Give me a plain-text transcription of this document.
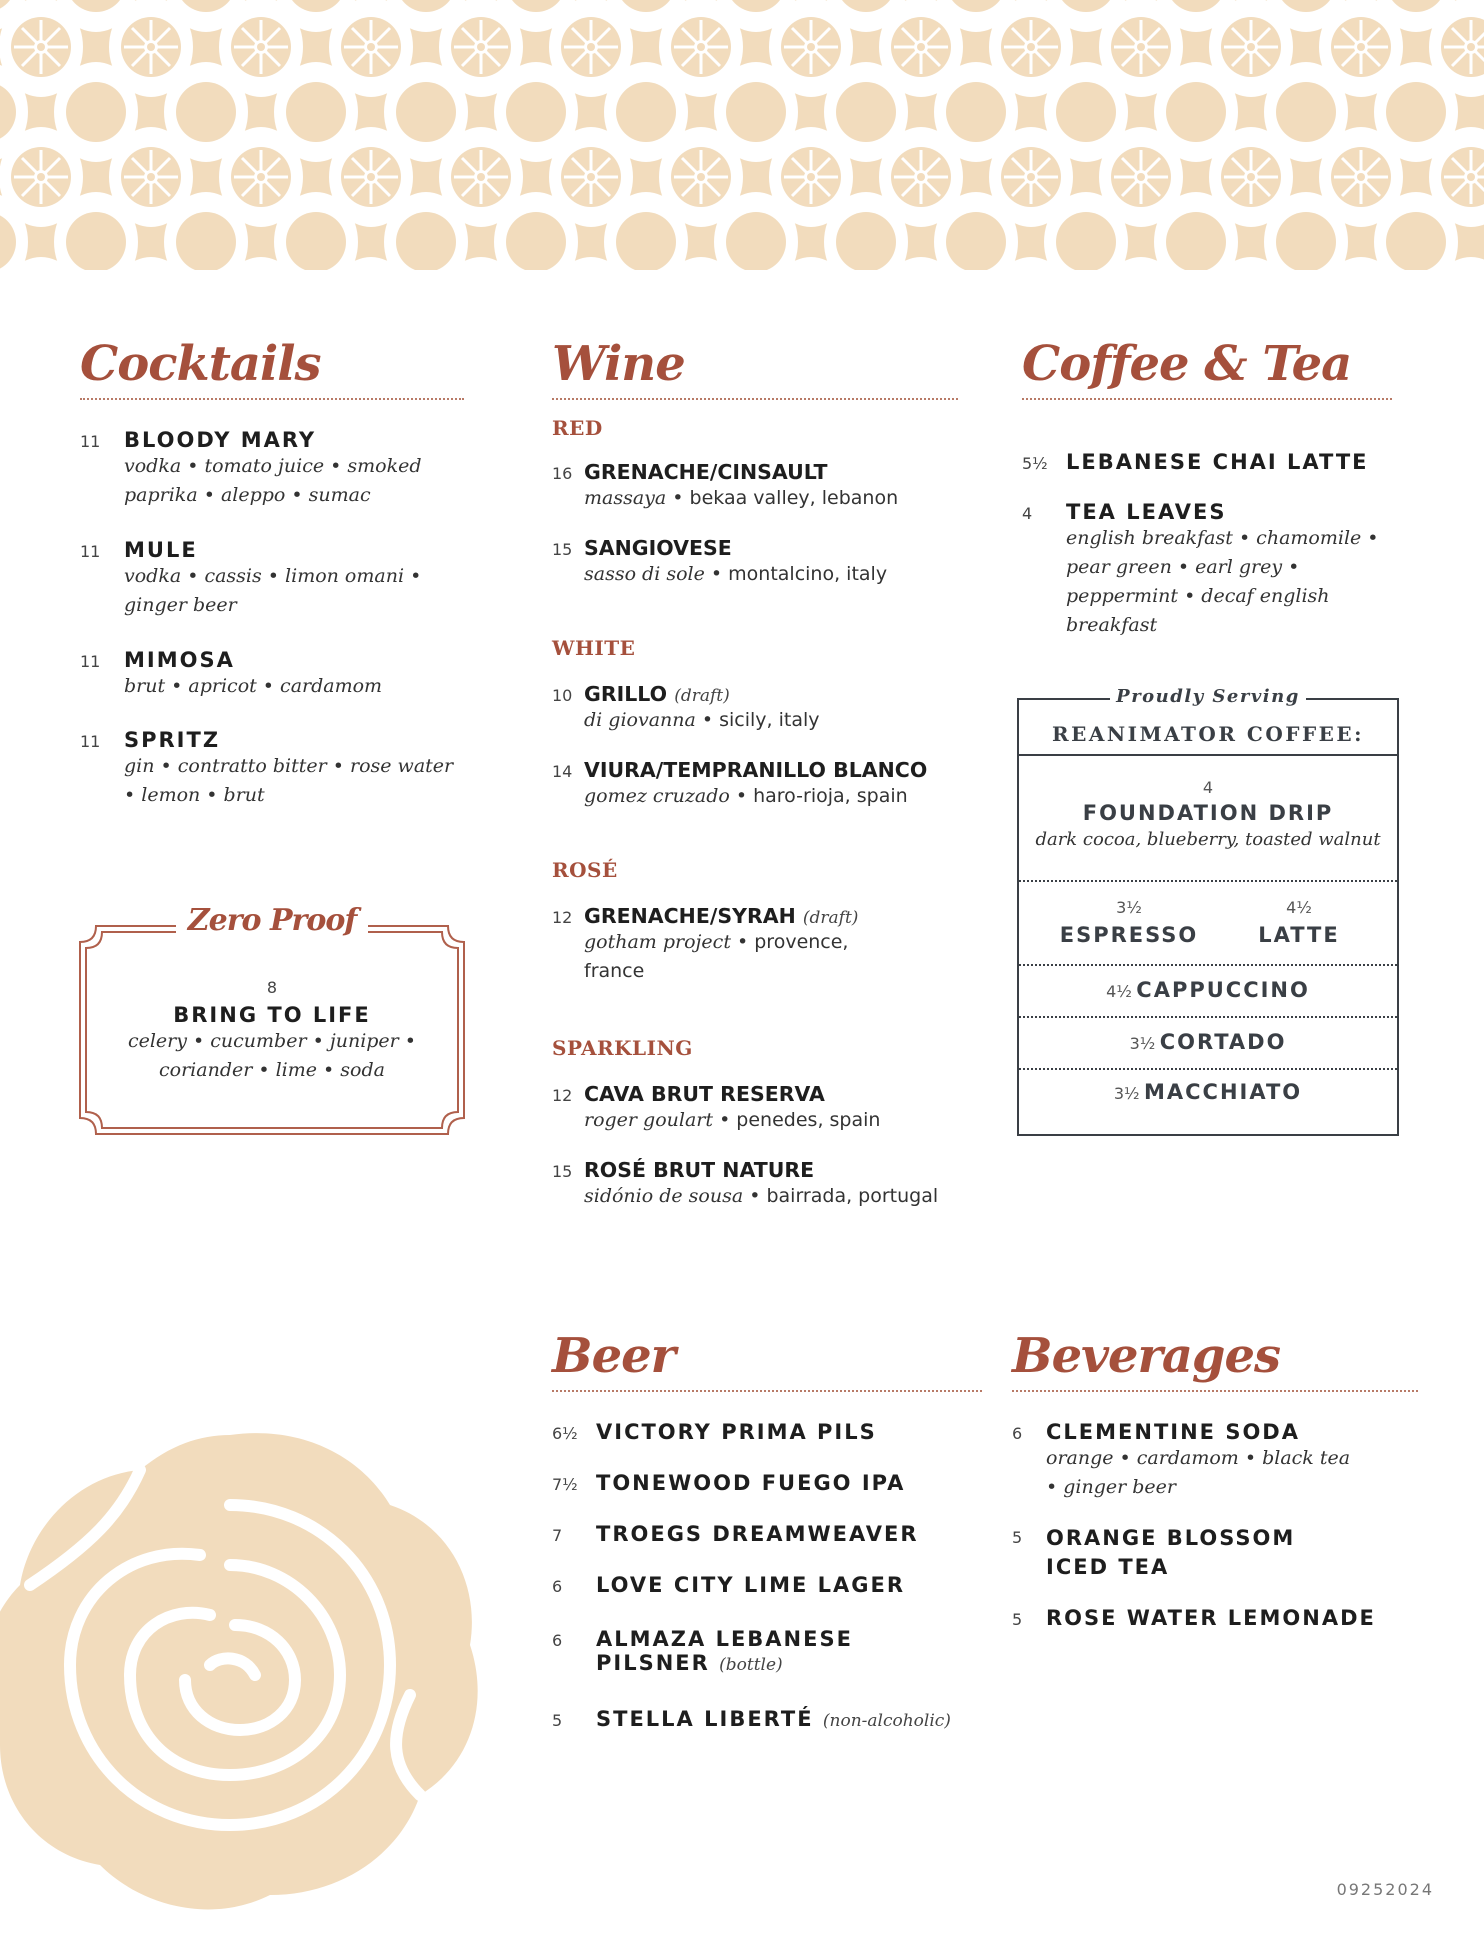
Cocktails
11 BLOODY MARY
vodka • tomato juice • smoked paprika • aleppo • sumac
11 MULE
vodka • cassis • limon omani • ginger beer
11 MIMOSA
brut • apricot • cardamom
11 SPRITZ
gin • contratto bitter • rose water • lemon • brut
Zero Proof
8
BRING TO LIFE
celery • cucumber • juniper •
coriander • lime • soda
Wine
RED
16 GRENACHE/CINSAULT
massaya • bekaa valley, lebanon
15 SANGIOVESE
sasso di sole • montalcino, italy
WHITE
10 GRILLO (draft)
di giovanna • sicily, italy
14 VIURA/TEMPRANILLO BLANCO
gomez cruzado • haro-rioja, spain
ROSÉ
12 GRENACHE/SYRAH (draft)
gotham project • provence,
france
SPARKLING
12 CAVA BRUT RESERVA
roger goulart • penedes, spain
15 ROSÉ BRUT NATURE
sidónio de sousa • bairrada, portugal
Coffee & Tea
5½ LEBANESE CHAI LATTE
4 TEA LEAVES
english breakfast • chamomile • pear green • earl grey • peppermint • decaf english breakfast
Proudly Serving
REANIMATOR COFFEE:
4
FOUNDATION DRIP
dark cocoa, blueberry, toasted walnut
3½
ESPRESSO
4½
LATTE
4½ CAPPUCCINO
3½ CORTADO
3½ MACCHIATO
Beer
6½ VICTORY PRIMA PILS
7½ TONEWOOD FUEGO IPA
7 TROEGS DREAMWEAVER
6 LOVE CITY LIME LAGER
6 ALMAZA LEBANESE
PILSNER (bottle)
5 STELLA LIBERTÉ (non-alcoholic)
Beverages
6 CLEMENTINE SODA
orange • cardamom • black tea • ginger beer
5 ORANGE BLOSSOM ICED TEA
5 ROSE WATER LEMONADE
09252024
